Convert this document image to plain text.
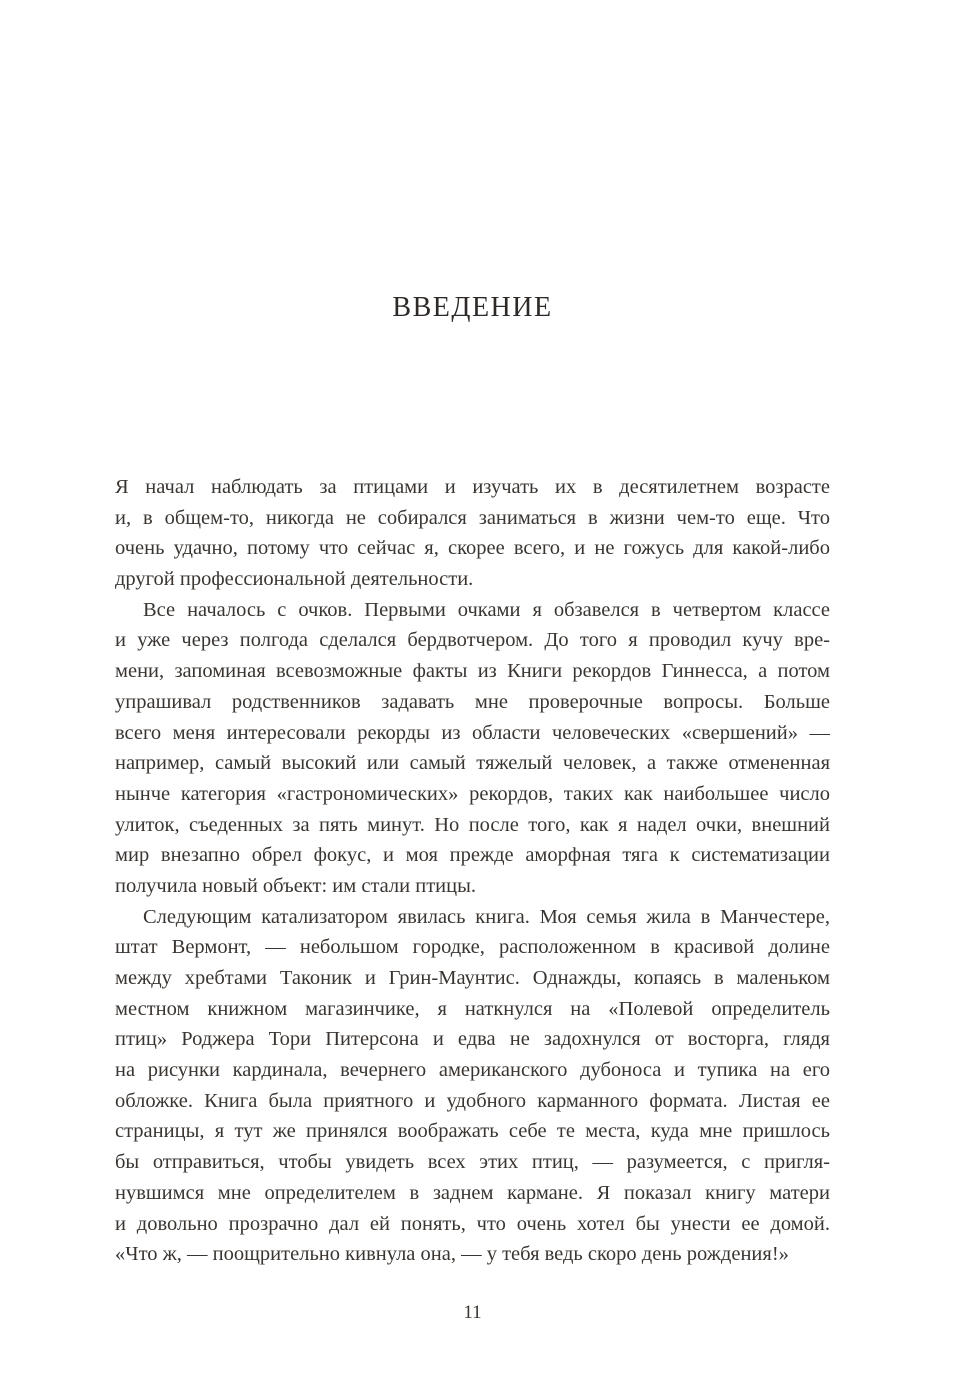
ВВЕДЕНИЕ
Я начал наблюдать за птицами и изучать их в десятилетнем возрасте
и, в общем-то, никогда не собирался заниматься в жизни чем-то еще. Что
очень удачно, потому что сейчас я, скорее всего, и не гожусь для какой-либо
другой профессиональной деятельности.
Все началось с очков. Первыми очками я обзавелся в четвертом классе
и уже через полгода сделался бердвотчером. До того я проводил кучу вре-
мени, запоминая всевозможные факты из Книги рекордов Гиннесса, а потом
упрашивал родственников задавать мне проверочные вопросы. Больше
всего меня интересовали рекорды из области человеческих «свершений» —
например, самый высокий или самый тяжелый человек, а также отмененная
нынче категория «гастрономических» рекордов, таких как наибольшее число
улиток, съеденных за пять минут. Но после того, как я надел очки, внешний
мир внезапно обрел фокус, и моя прежде аморфная тяга к систематизации
получила новый объект: им стали птицы.
Следующим катализатором явилась книга. Моя семья жила в Манчестере,
штат Вермонт, — небольшом городке, расположенном в красивой долине
между хребтами Таконик и Грин-Маунтис. Однажды, копаясь в маленьком
местном книжном магазинчике, я наткнулся на «Полевой определитель
птиц» Роджера Тори Питерсона и едва не задохнулся от восторга, глядя
на рисунки кардинала, вечернего американского дубоноса и тупика на его
обложке. Книга была приятного и удобного карманного формата. Листая ее
страницы, я тут же принялся воображать себе те места, куда мне пришлось
бы отправиться, чтобы увидеть всех этих птиц, — разумеется, с пригля-
нувшимся мне определителем в заднем кармане. Я показал книгу матери
и довольно прозрачно дал ей понять, что очень хотел бы унести ее домой.
«Что ж, — поощрительно кивнула она, — у тебя ведь скоро день рождения!»
11
